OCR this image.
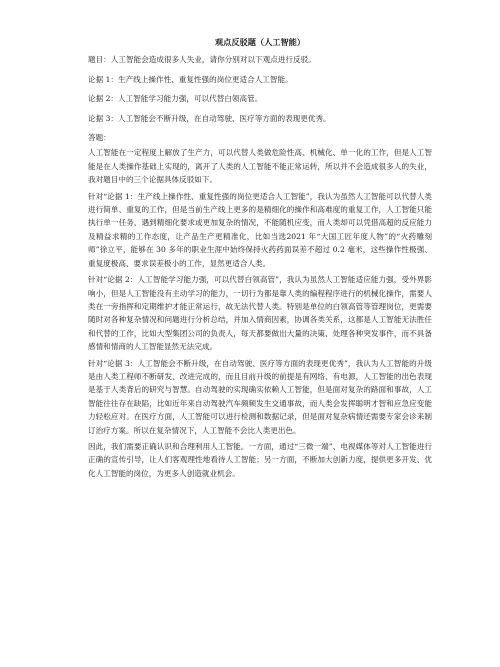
观点反驳题（人工智能）
题目：人工智能会造成很多人失业，请你分别对以下观点进行反驳。
论据 1：生产线上操作性、重复性强的岗位更适合人工智能。
论据 2：人工智能学习能力强，可以代替白领高管。
论据 3：人工智能会不断升级，在自动驾驶、医疗等方面的表现更优秀。
答题：

人工智能在一定程度上解放了生产力，可以代替人类做危险性高、机械化、单一化的工作，但是人工智能是在人类操作基础上实现的，离开了人类的人工智能不能正常运转，所以并不会造成很多人的失业，我对题目中的三个论据具体反驳如下。

针对“论据 1：生产线上操作性、重复性强的岗位更适合人工智能”，我认为虽然人工智能可以代替人类进行简单、重复的工作，但是当前生产线上更多的是精细化的操作和高难度的重复工作，人工智能只能执行单一任务，遇到精细化要求或更加复杂的情况，不能随机应变，而人类却可以凭借高超的反应能力及精益求精的工作态度，让产品生产更精准化，比如当选2021 年“大国工匠年度人物”的“火药雕刻师”徐立平，能够在 30 多年的职业生涯中始终保持火药药面误差不超过 0.2 毫米，这些操作性极强、重复度极高、要求误差极小的工作，显然更适合人类。

针对“论据 2：人工智能学习能力强，可以代替白领高管”，我认为虽然人工智能适应能力强，受外界影响小，但是人工智能没有主动学习的能力，一切行为都是靠人类的编程程序进行的机械化操作，需要人类在一旁指挥和定期维护才能正常运行，故无法代替人类。特别是单位的白领高管等管理岗位，更需要随时对各种复杂情况和问题进行分析总结，并加入情商因素，协调各类关系，这都是人工智能无法胜任和代替的工作，比如大型集团公司的负责人，每天都要做出大量的决策、处理各种突发事件，而不具备感情和情商的人工智能显然无法完成。

针对“论据 3：人工智能会不断升级，在自动驾驶、医疗等方面的表现更优秀”，我认为人工智能的升级是由人类工程师不断研发、改进完成的，而且目前升级的前提是有网络、有电源，人工智能的出色表现是基于人类背后的研究与智慧。自动驾驶的实现确实依赖人工智能，但是面对复杂的路面和事故，人工智能往往存在缺陷，比如近年来自动驾驶汽车频频发生交通事故，而人类会发挥聪明才智和应急应变能力轻松应对。在医疗方面，人工智能可以进行检测和数据记录，但是面对复杂病情还需要专家会诊来制订治疗方案。所以在复杂情况下，人工智能不会比人类更出色。

因此，我们需要正确认识和合理利用人工智能。一方面，通过“三微一端”、电视媒体等对人工智能进行正确的宣传引导，让人们客观理性地看待人工智能；另一方面，不断加大创新力度，提供更多开发、优化人工智能的岗位，为更多人创造就业机会。
